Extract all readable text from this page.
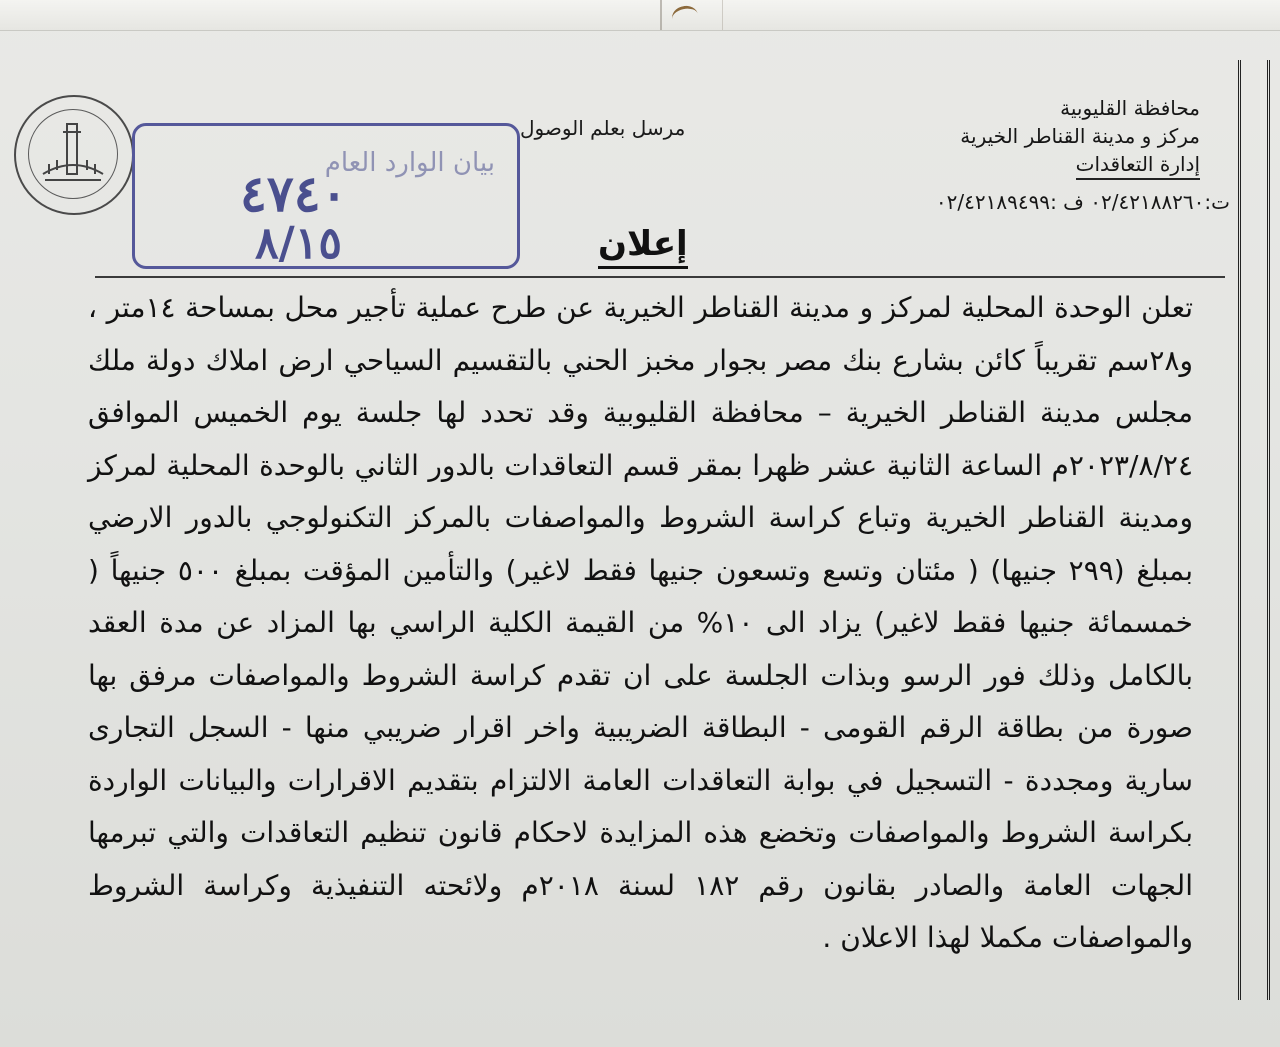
بيان الوارد العام
٤٧٤٠
٨/١٥
مرسل بعلم الوصول
محافظة القليوبية
مركز و مدينة القناطر الخيرية
إدارة التعاقدات
ت:٠٢/٤٢١٨٨٢٦٠ ف :٠٢/٤٢١٨٩٤٩٩
إعلان
تعلن الوحدة المحلية لمركز و مدينة القناطر الخيرية عن طرح عملية تأجير محل بمساحة ١٤متر ، و٢٨سم تقريباً كائن بشارع بنك مصر بجوار مخبز الحني بالتقسيم السياحي ارض املاك دولة ملك مجلس مدينة القناطر الخيرية – محافظة القليوبية وقد تحدد لها جلسة يوم الخميس الموافق ٢٠٢٣/٨/٢٤م الساعة الثانية عشر ظهرا بمقر قسم التعاقدات بالدور الثاني بالوحدة المحلية لمركز ومدينة القناطر الخيرية وتباع كراسة الشروط والمواصفات بالمركز التكنولوجي بالدور الارضي بمبلغ (٢٩٩ جنيها) ( مئتان وتسع وتسعون جنيها فقط لاغير) والتأمين المؤقت بمبلغ ٥٠٠ جنيهاً ( خمسمائة جنيها فقط لاغير) يزاد الى ١٠% من القيمة الكلية الراسي بها المزاد عن مدة العقد بالكامل وذلك فور الرسو وبذات الجلسة على ان تقدم كراسة الشروط والمواصفات مرفق بها صورة من بطاقة الرقم القومى - البطاقة الضريبية واخر اقرار ضريبي منها - السجل التجارى سارية ومجددة - التسجيل في بوابة التعاقدات العامة الالتزام بتقديم الاقرارات والبيانات الواردة بكراسة الشروط والمواصفات وتخضع هذه المزايدة لاحكام قانون تنظيم التعاقدات والتي تبرمها الجهات العامة والصادر بقانون رقم ١٨٢ لسنة ٢٠١٨م ولائحته التنفيذية وكراسة الشروط والمواصفات مكملا لهذا الاعلان .
